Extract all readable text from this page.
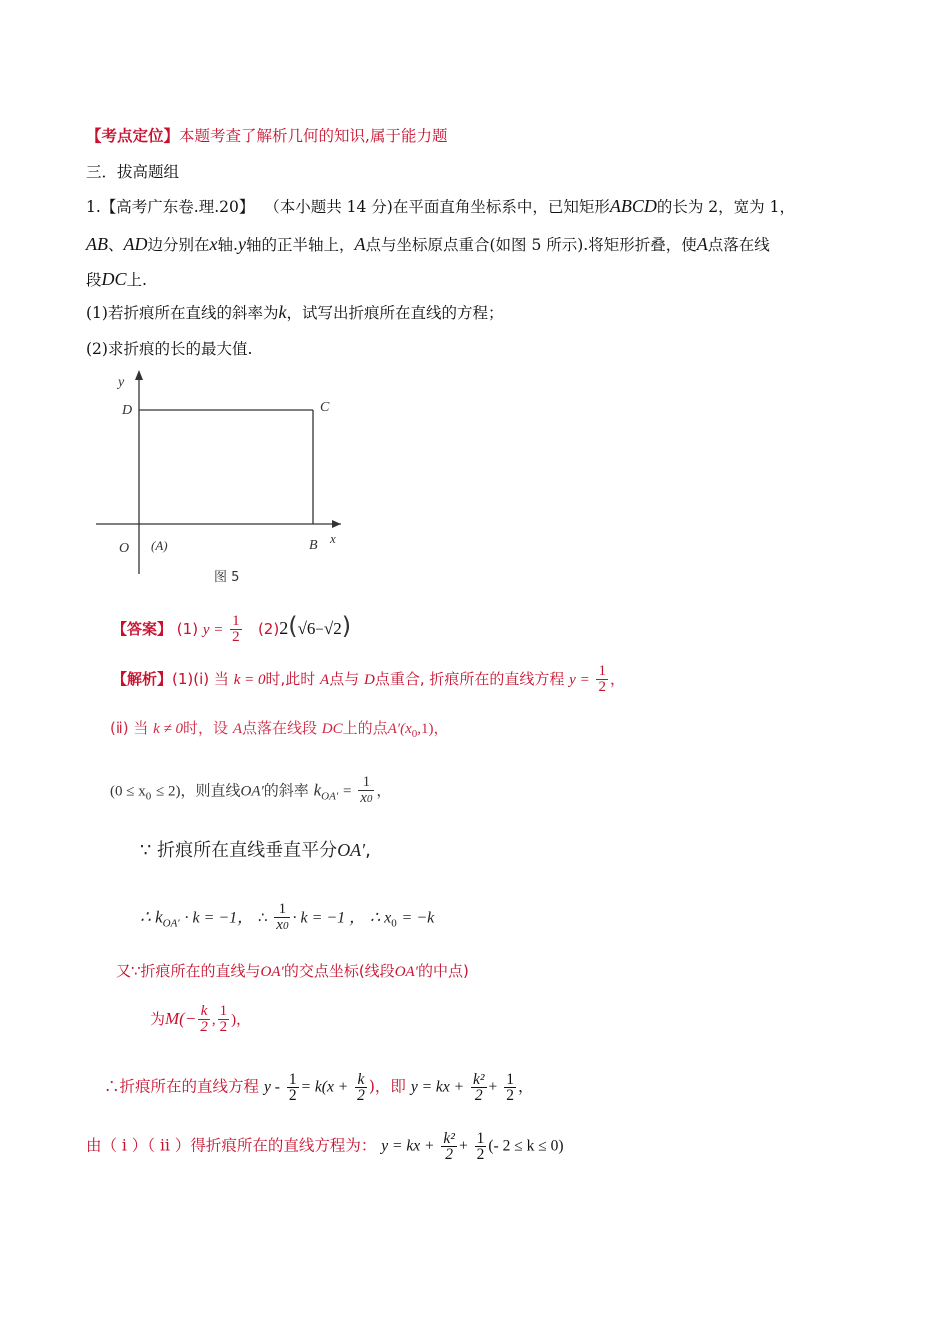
【考点定位】本题考查了解析几何的知识,属于能力题
三．拔高题组
1.【高考广东卷.理.20】 （本小题共 14 分)在平面直角坐标系中，已知矩形ABCD的长为 2，宽为 1，
AB、AD边分别在x轴.y轴的正半轴上，A点与坐标原点重合(如图 5 所示).将矩形折叠，使A点落在线
段DC上.
(1)若折痕所在直线的斜率为k，试写出折痕所在直线的方程；
(2)求折痕的长的最大值.
y
D	C
O (A)	B x
图 5
【答案】 (1) $y = \frac{1}{2} (2)2(√6-√2)$
【解析】(1)(ⅰ) 当 k = 0时,此时 A点与 D点重合, 折痕所在的直线方程 $y = \frac{1}{2}$ ，
(ⅱ) 当 k ≠ 0时，设 A点落在线段 DC上的点$A'(x_0,1)$，
$(0 \le x_0 \le 2)$，则直线OA′的斜率 $k_{OA'} = \frac{1}{x0}$ ，
∵ 折痕所在直线垂直平分OA′,
∴ $k_{OA'} \cdot k = -1$， ∴ $\frac{1}{x0} \cdot k = -1$ ， ∴ $x_0 = -k$
又∵折痕所在的直线与OA′的交点坐标(线段OA′的中点)
为$M(- \frac{k}{2}$ , $\frac{1}{2}$ )，
∴折痕所在的直线方程 $y - \frac{1}{2} = k(x + \frac{k}{2}$ )，即 y = kx + $\frac{\text{k²}}{2} + \frac{1}{2}$ ，
由（ ⅰ ）（ ⅱ ）得折痕所在的直线方程为： y = kx + $\frac{\text{k²}}{2} + \frac{1}{2}$ (- 2 ≤ k ≤ 0)
